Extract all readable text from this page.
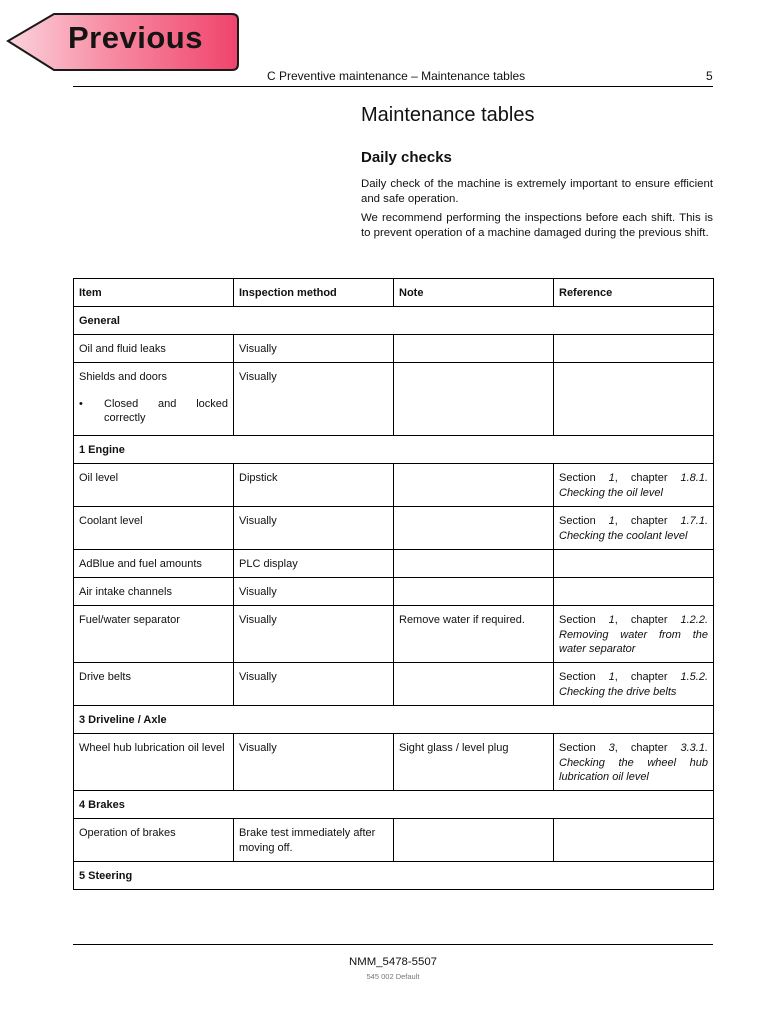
Previous
C Preventive maintenance – Maintenance tables	5
Maintenance tables
Daily checks

Daily check of the machine is extremely important to ensure efficient and safe operation.

We recommend performing the inspections before each shift. This is to prevent operation of a machine damaged during the previous shift.

Item	Inspection method	Note	Reference
General			
Oil and fluid leaks	Visually		

Shields and doors
• Closed and locked
correctly	Visually		
1 Engine			
Oil level	Dipstick		Section 1, chapter 1.8.1. Checking the oil level
Coolant level	Visually		Section 1, chapter 1.7.1. Checking the coolant level
AdBlue and fuel amounts	PLC display		
Air intake channels	Visually		
Fuel/water separator	Visually	Remove water if required.	Section 1, chapter 1.2.2. Removing water from the water separator
Drive belts	Visually		Section 1, chapter 1.5.2. Checking the drive belts
3 Driveline / Axle			
Wheel hub lubrication oil level	Visually	Sight glass / level plug	Section 3, chapter 3.3.1. Checking the wheel hub lubrication oil level
4 Brakes			
Operation of brakes	Brake test immediately after moving off.		
5 Steering			
NMM_5478-5507
545 002 Default
